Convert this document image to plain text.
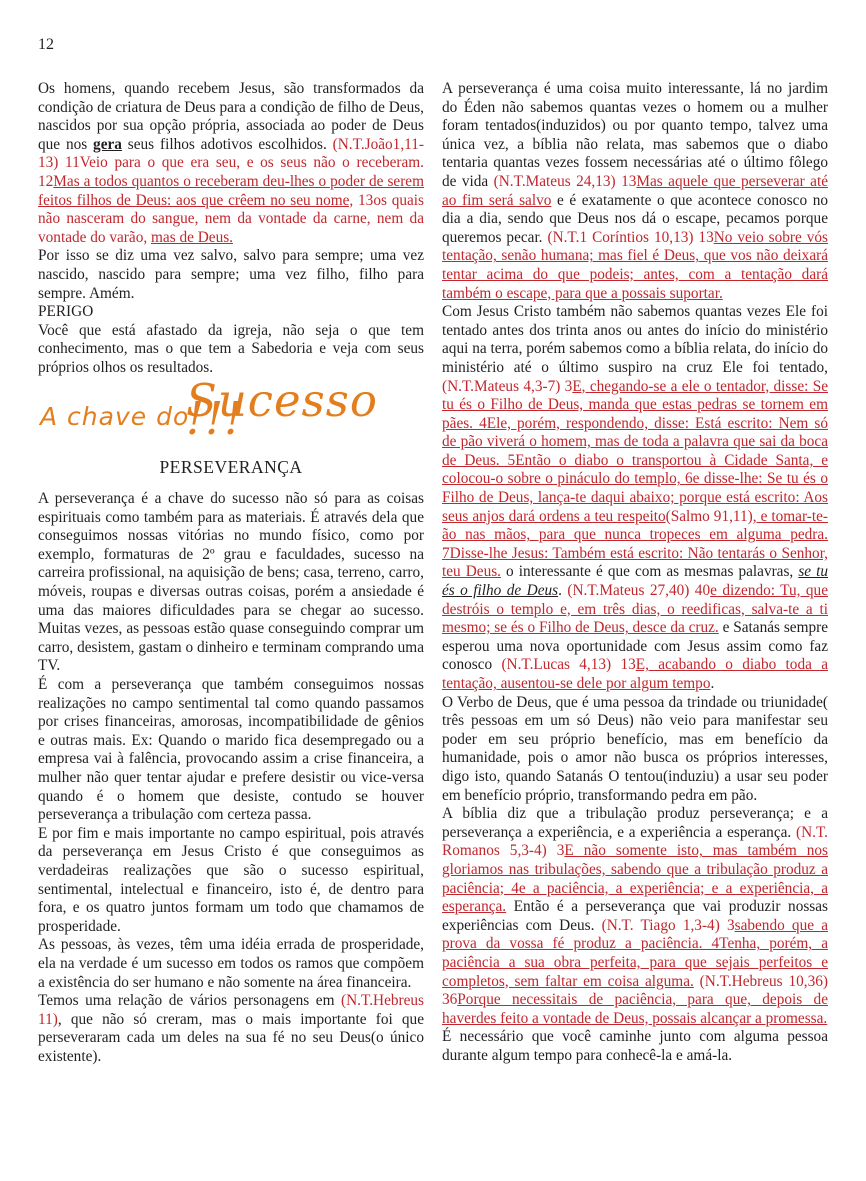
12

Os homens, quando recebem Jesus, são transformados da condição de criatura de Deus para a condição de filho de Deus, nascidos por sua opção própria, associada ao poder de Deus que nos gera seus filhos adotivos escolhidos. (N.T.João1,11-13) 11Veio para o que era seu, e os seus não o receberam. 12Mas a todos quantos o receberam deu-lhes o poder de serem feitos filhos de Deus: aos que crêem no seu nome, 13os quais não nasceram do sangue, nem da vontade da carne, nem da vontade do varão, mas de Deus.

Por isso se diz uma vez salvo, salvo para sempre; uma vez nascido, nascido para sempre; uma vez filho, filho para sempre. Amém.

PERIGO

Você que está afastado da igreja, não seja o que tem conhecimento, mas o que tem a Sabedoria e veja com seus próprios olhos os resultados.

A chave do
Sucesso !!!
PERSEVERANÇA

A perseverança é a chave do sucesso não só para as coisas espirituais como também para as materiais. É através dela que conseguimos nossas vitórias no mundo físico, como por exemplo, formaturas de 2º grau e faculdades, sucesso na carreira profissional, na aquisição de bens; casa, terreno, carro, móveis, roupas e diversas outras coisas, porém a ansiedade é uma das maiores dificuldades para se chegar ao sucesso. Muitas vezes, as pessoas estão quase conseguindo comprar um carro, desistem, gastam o dinheiro e terminam comprando uma TV.

É com a perseverança que também conseguimos nossas realizações no campo sentimental tal como quando passamos por crises financeiras, amorosas, incompatibilidade de gênios e outras mais. Ex: Quando o marido fica desempregado ou a empresa vai à falência, provocando assim a crise financeira, a mulher não quer tentar ajudar e prefere desistir ou vice-versa quando é o homem que desiste, contudo se houver perseverança a tribulação com certeza passa.

E por fim e mais importante no campo espiritual, pois através da perseverança em Jesus Cristo é que conseguimos as verdadeiras realizações que são o sucesso espiritual, sentimental, intelectual e financeiro, isto é, de dentro para fora, e os quatro juntos formam um todo que chamamos de prosperidade.

As pessoas, às vezes, têm uma idéia errada de prosperidade, ela na verdade é um sucesso em todos os ramos que compõem a existência do ser humano e não somente na área financeira.

Temos uma relação de vários personagens em (N.T.Hebreus 11), que não só creram, mas o mais importante foi que perseveraram cada um deles na sua fé no seu Deus(o único existente).

A perseverança é uma coisa muito interessante, lá no jardim do Éden não sabemos quantas vezes o homem ou a mulher foram tentados(induzidos) ou por quanto tempo, talvez uma única vez, a bíblia não relata, mas sabemos que o diabo tentaria quantas vezes fossem necessárias até o último fôlego de vida (N.T.Mateus 24,13) 13Mas aquele que perseverar até ao fim será salvo e é exatamente o que acontece conosco no dia a dia, sendo que Deus nos dá o escape, pecamos porque queremos pecar. (N.T.1 Coríntios 10,13) 13No veio sobre vós tentação, senão humana; mas fiel é Deus, que vos não deixará tentar acima do que podeis; antes, com a tentação dará também o escape, para que a possais suportar.

Com Jesus Cristo também não sabemos quantas vezes Ele foi tentado antes dos trinta anos ou antes do início do ministério aqui na terra, porém sabemos como a bíblia relata, do início do ministério até o último suspiro na cruz Ele foi tentado, (N.T.Mateus 4,3-7) 3E, chegando-se a ele o tentador, disse: Se tu és o Filho de Deus, manda que estas pedras se tornem em pães. 4Ele, porém, respondendo, disse: Está escrito: Nem só de pão viverá o homem, mas de toda a palavra que sai da boca de Deus. 5Então o diabo o transportou à Cidade Santa, e colocou-o sobre o pináculo do templo, 6e disse-lhe: Se tu és o Filho de Deus, lança-te daqui abaixo; porque está escrito: Aos seus anjos dará ordens a teu respeito(Salmo 91,11), e tomar-te-ão nas mãos, para que nunca tropeces em alguma pedra. 7Disse-lhe Jesus: Também está escrito: Não tentarás o Senhor, teu Deus. o interessante é que com as mesmas palavras, se tu és o filho de Deus. (N.T.Mateus 27,40) 40e dizendo: Tu, que destróis o templo e, em três dias, o reedificas, salva-te a ti mesmo; se és o Filho de Deus, desce da cruz. e Satanás sempre esperou uma nova oportunidade com Jesus assim como faz conosco (N.T.Lucas 4,13) 13E, acabando o diabo toda a tentação, ausentou-se dele por algum tempo.

O Verbo de Deus, que é uma pessoa da trindade ou triunidade( três pessoas em um só Deus) não veio para manifestar seu poder em seu próprio benefício, mas em benefício da humanidade, pois o amor não busca os próprios interesses, digo isto, quando Satanás O tentou(induziu) a usar seu poder em benefício próprio, transformando pedra em pão.

A bíblia diz que a tribulação produz perseverança; e a perseverança a experiência, e a experiência a esperança. (N.T. Romanos 5,3-4) 3E não somente isto, mas também nos gloriamos nas tribulações, sabendo que a tribulação produz a paciência; 4e a paciência, a experiência; e a experiência, a esperança. Então é a perseverança que vai produzir nossas experiências com Deus. (N.T. Tiago 1,3-4) 3sabendo que a prova da vossa fé produz a paciência. 4Tenha, porém, a paciência a sua obra perfeita, para que sejais perfeitos e completos, sem faltar em coisa alguma. (N.T.Hebreus 10,36) 36Porque necessitais de paciência, para que, depois de haverdes feito a vontade de Deus, possais alcançar a promessa.

É necessário que você caminhe junto com alguma pessoa durante algum tempo para conhecê-la e amá-la.
